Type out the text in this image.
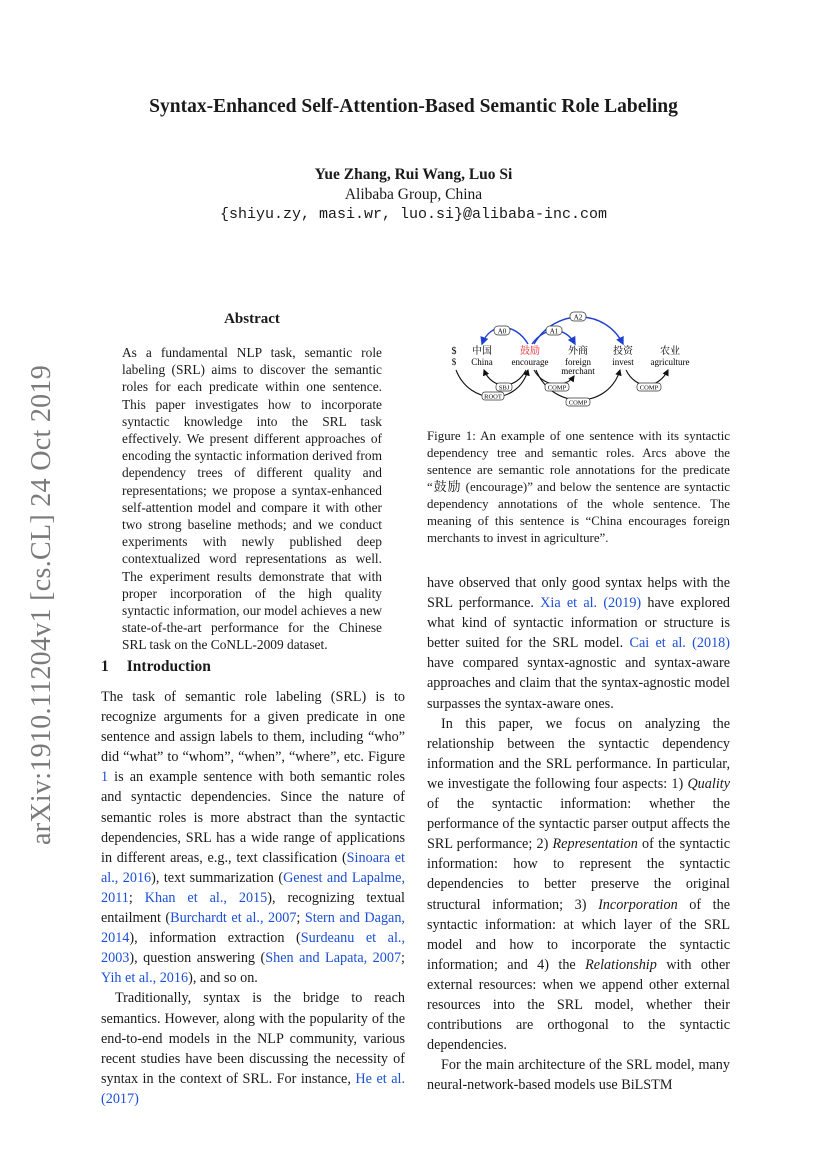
arXiv:1910.11204v1 [cs.CL] 24 Oct 2019
Syntax-Enhanced Self-Attention-Based Semantic Role Labeling
Yue Zhang, Rui Wang, Luo Si
Alibaba Group, China
{shiyu.zy, masi.wr, luo.si}@alibaba-inc.com
Abstract
As a fundamental NLP task, semantic role labeling (SRL) aims to discover the semantic roles for each predicate within one sentence. This paper investigates how to incorporate syntactic knowledge into the SRL task effectively. We present different approaches of encoding the syntactic information derived from dependency trees of different quality and representations; we propose a syntax-enhanced self-attention model and compare it with other two strong baseline methods; and we conduct experiments with newly published deep contextualized word representations as well. The experiment results demonstrate that with proper incorporation of the high quality syntactic information, our model achieves a new state-of-the-art performance for the Chinese SRL task on the CoNLL-2009 dataset.
A0	A1
A2
$ 中国	鼓励	外商	投资	农业
$ China encourage foreign
merchant
invest agriculture
SBJ
ROOT
COMP
COMP
COMP
Figure 1: An example of one sentence with its syntactic dependency tree and semantic roles. Arcs above the sentence are semantic role annotations for the predicate “鼓励 (encourage)” and below the sentence are syntactic dependency annotations of the whole sentence. The meaning of this sentence is “China encourages foreign merchants to invest in agriculture”.
1 Introduction

The task of semantic role labeling (SRL) is to recognize arguments for a given predicate in one sentence and assign labels to them, including “who” did “what” to “whom”, “when”, “where”, etc. Figure 1 is an example sentence with both semantic roles and syntactic dependencies. Since the nature of semantic roles is more abstract than the syntactic dependencies, SRL has a wide range of applications in different areas, e.g., text classification (Sinoara et al., 2016), text summarization (Genest and Lapalme, 2011; Khan et al., 2015), recognizing textual entailment (Burchardt et al., 2007; Stern and Dagan, 2014), information extraction (Surdeanu et al., 2003), question answering (Shen and Lapata, 2007; Yih et al., 2016), and so on.

Traditionally, syntax is the bridge to reach semantics. However, along with the popularity of the end-to-end models in the NLP community, various recent studies have been discussing the necessity of syntax in the context of SRL. For instance, He et al. (2017)

have observed that only good syntax helps with the SRL performance. Xia et al. (2019) have explored what kind of syntactic information or structure is better suited for the SRL model. Cai et al. (2018) have compared syntax-agnostic and syntax-aware approaches and claim that the syntax-agnostic model surpasses the syntax-aware ones.

In this paper, we focus on analyzing the relationship between the syntactic dependency information and the SRL performance. In particular, we investigate the following four aspects: 1) Quality of the syntactic information: whether the performance of the syntactic parser output affects the SRL performance; 2) Representation of the syntactic information: how to represent the syntactic dependencies to better preserve the original structural information; 3) Incorporation of the syntactic information: at which layer of the SRL model and how to incorporate the syntactic information; and 4) the Relationship with other external resources: when we append other external resources into the SRL model, whether their contributions are orthogonal to the syntactic dependencies.

For the main architecture of the SRL model, many neural-network-based models use BiLSTM
